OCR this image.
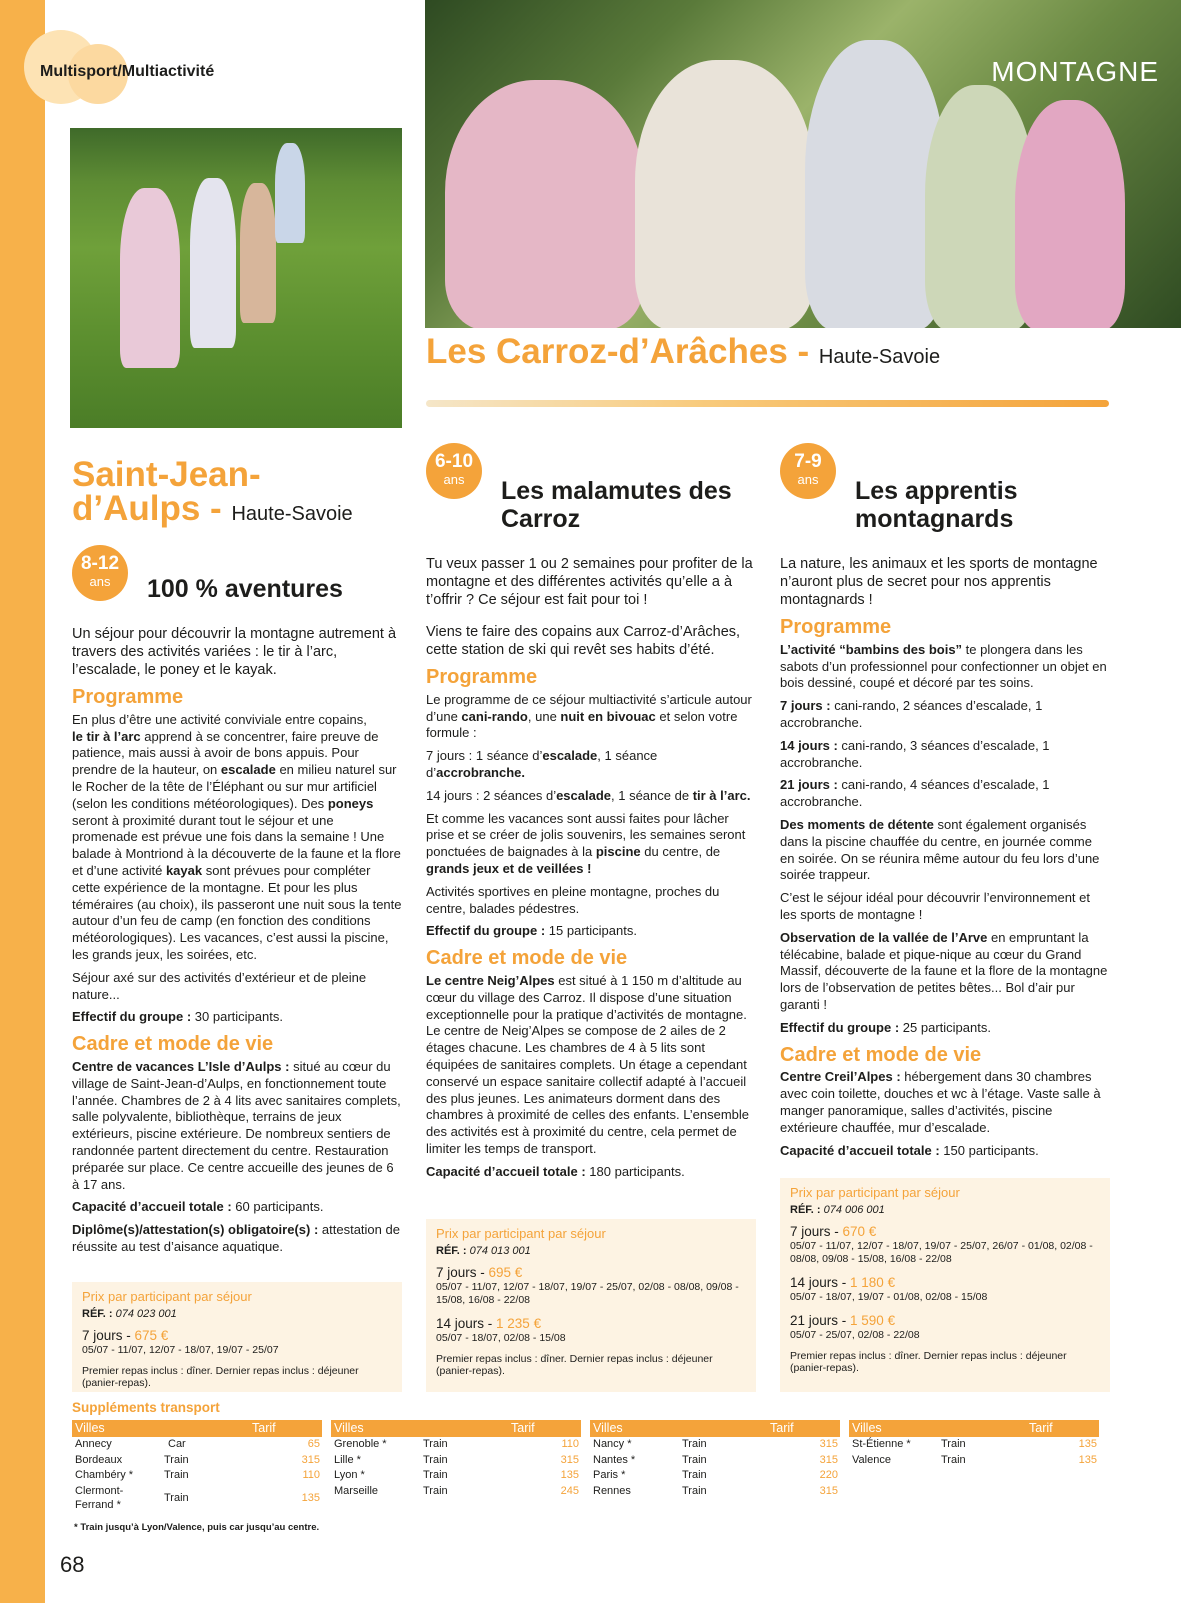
Multisport/Multiactivité	MONTAGNE
Les Carroz-d’Arâches - Haute-Savoie
Saint-Jean-
d’Aulps - Haute-Savoie
8-12
ans
6-10
ans
7-9
ans
100 % aventures
Les malamutes des Carroz
Les apprentis montagnards

Un séjour pour découvrir la montagne autrement à travers des activités variées : le tir à l’arc, l’escalade, le poney et le kayak.

Programme

En plus d’être une activité conviviale entre copains,
le tir à l’arc apprend à se concentrer, faire preuve de patience, mais aussi à avoir de bons appuis. Pour prendre de la hauteur, on escalade en milieu naturel sur le Rocher de la tête de l’Éléphant ou sur mur artificiel (selon les conditions météorologiques). Des poneys seront à proximité durant tout le séjour et une promenade est prévue une fois dans la semaine ! Une balade à Montriond à la découverte de la faune et la flore et d’une activité kayak sont prévues pour compléter cette expérience de la montagne. Et pour les plus téméraires (au choix), ils passeront une nuit sous la tente autour d’un feu de camp (en fonction des conditions météorologiques). Les vacances, c’est aussi la piscine, les grands jeux, les soirées, etc.

Séjour axé sur des activités d’extérieur et de pleine nature...

Effectif du groupe : 30 participants.

Cadre et mode de vie

Centre de vacances L’Isle d’Aulps : situé au cœur du village de Saint-Jean-d’Aulps, en fonctionnement toute l’année. Chambres de 2 à 4 lits avec sanitaires complets, salle polyvalente, bibliothèque, terrains de jeux extérieurs, piscine extérieure. De nombreux sentiers de randonnée partent directement du centre. Restauration préparée sur place. Ce centre accueille des jeunes de 6 à 17 ans.

Capacité d’accueil totale : 60 participants.

Diplôme(s)/attestation(s) obligatoire(s) : attestation de réussite au test d’aisance aquatique.

Tu veux passer 1 ou 2 semaines pour profiter de la montagne et des différentes activités qu’elle a à t’offrir ? Ce séjour est fait pour toi !

Viens te faire des copains aux Carroz-d’Arâches, cette station de ski qui revêt ses habits d’été.

Programme

Le programme de ce séjour multiactivité s’articule autour d’une cani-rando, une nuit en bivouac et selon votre formule :

7 jours : 1 séance d’escalade, 1 séance d’accrobranche.

14 jours : 2 séances d’escalade, 1 séance de tir à l’arc.

Et comme les vacances sont aussi faites pour lâcher prise et se créer de jolis souvenirs, les semaines seront ponctuées de baignades à la piscine du centre, de grands jeux et de veillées !

Activités sportives en pleine montagne, proches du centre, balades pédestres.

Effectif du groupe : 15 participants.

Cadre et mode de vie

Le centre Neig’Alpes est situé à 1 150 m d’altitude au cœur du village des Carroz. Il dispose d’une situation exceptionnelle pour la pratique d’activités de montagne. Le centre de Neig’Alpes se compose de 2 ailes de 2 étages chacune. Les chambres de 4 à 5 lits sont équipées de sanitaires complets. Un étage a cependant conservé un espace sanitaire collectif adapté à l’accueil des plus jeunes. Les animateurs dorment dans des chambres à proximité de celles des enfants. L’ensemble des activités est à proximité du centre, cela permet de limiter les temps de transport.

Capacité d’accueil totale : 180 participants.

La nature, les animaux et les sports de montagne n’auront plus de secret pour nos apprentis montagnards !

Programme

L’activité “bambins des bois” te plongera dans les sabots d’un professionnel pour confectionner un objet en bois dessiné, coupé et décoré par tes soins.

7 jours : cani-rando, 2 séances d’escalade, 1 accrobranche.

14 jours : cani-rando, 3 séances d’escalade, 1 accrobranche.

21 jours : cani-rando, 4 séances d’escalade, 1 accrobranche.

Des moments de détente sont également organisés dans la piscine chauffée du centre, en journée comme en soirée. On se réunira même autour du feu lors d’une soirée trappeur.

C’est le séjour idéal pour découvrir l’environnement et les sports de montagne !

Observation de la vallée de l’Arve en empruntant la télécabine, balade et pique-nique au cœur du Grand Massif, découverte de la faune et la flore de la montagne lors de l’observation de petites bêtes... Bol d’air pur garanti !

Effectif du groupe : 25 participants.

Cadre et mode de vie

Centre Creil’Alpes : hébergement dans 30 chambres avec coin toilette, douches et wc à l’étage. Vaste salle à manger panoramique, salles d’activités, piscine extérieure chauffée, mur d’escalade.

Capacité d’accueil totale : 150 participants.

Prix par participant par séjour
RÉF. : 074 023 001
7 jours - 675 €
05/07 - 11/07, 12/07 - 18/07, 19/07 - 25/07
Premier repas inclus : dîner. Dernier repas inclus : déjeuner (panier-repas).
Prix par participant par séjour
RÉF. : 074 013 001
7 jours - 695 €
05/07 - 11/07, 12/07 - 18/07, 19/07 - 25/07, 02/08 - 08/08, 09/08 - 15/08, 16/08 - 22/08
14 jours - 1 235 €
05/07 - 18/07, 02/08 - 15/08
Premier repas inclus : dîner. Dernier repas inclus : déjeuner (panier-repas).
Prix par participant par séjour
RÉF. : 074 006 001
7 jours - 670 €
05/07 - 11/07, 12/07 - 18/07, 19/07 - 25/07, 26/07 - 01/08, 02/08 - 08/08, 09/08 - 15/08, 16/08 - 22/08
14 jours - 1 180 €
05/07 - 18/07, 19/07 - 01/08, 02/08 - 15/08
21 jours - 1 590 €
05/07 - 25/07, 02/08 - 22/08
Premier repas inclus : dîner. Dernier repas inclus : déjeuner (panier-repas).
Suppléments transport
Villes	Tarif
Annecy	Car	65
Bordeaux	Train	315
Chambéry *	Train	110
Clermont-Ferrand *
Train	135
Villes	Tarif
Grenoble *	Train	110
Lille *	Train	315
Lyon *	Train	135
Marseille	Train	245
Villes	Tarif
Nancy *	Train	315
Nantes *	Train	315
Paris *	Train	220
Rennes	Train	315
Villes	Tarif
St-Étienne *	Train	135
Valence	Train	135
* Train jusqu’à Lyon/Valence, puis car jusqu’au centre.
68
